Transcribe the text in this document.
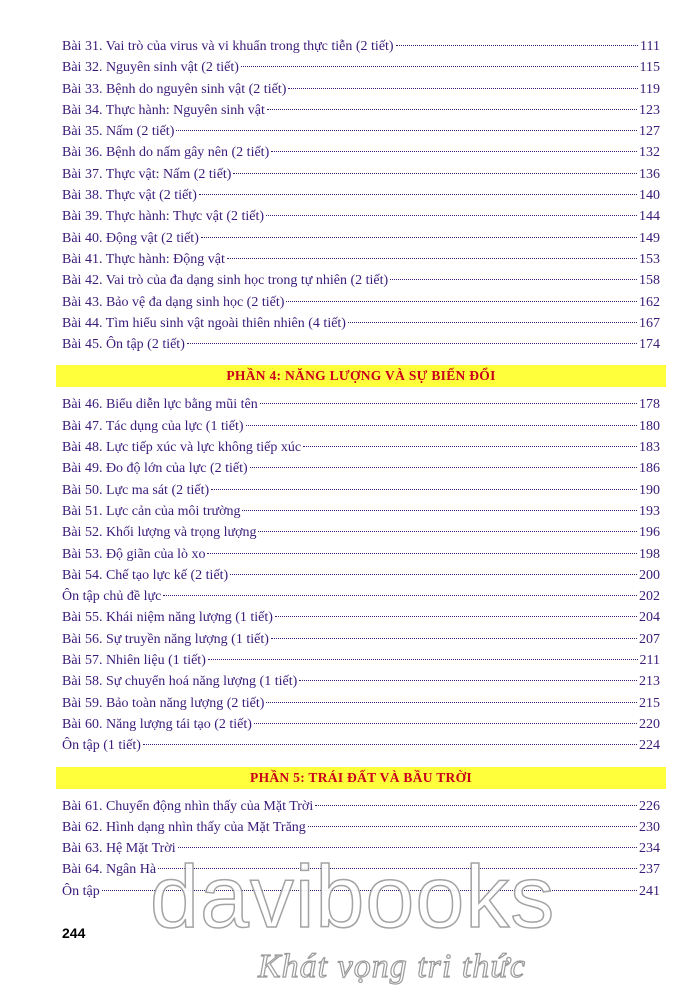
Bài 31. Vai trò của virus và vi khuẩn trong thực tiễn (2 tiết)	111
Bài 32. Nguyên sinh vật (2 tiết)	115
Bài 33. Bệnh do nguyên sinh vật (2 tiết)	119
Bài 34. Thực hành: Nguyên sinh vật	123
Bài 35. Nấm (2 tiết)	127
Bài 36. Bệnh do nấm gây nên (2 tiết)	132
Bài 37. Thực vật: Nấm (2 tiết)	136
Bài 38. Thực vật (2 tiết)	140
Bài 39. Thực hành: Thực vật (2 tiết)	144
Bài 40. Động vật (2 tiết)	149
Bài 41. Thực hành: Động vật	153
Bài 42. Vai trò của đa dạng sinh học trong tự nhiên (2 tiết)	158
Bài 43. Bảo vệ đa dạng sinh học (2 tiết)	162
Bài 44. Tìm hiểu sinh vật ngoài thiên nhiên (4 tiết)	167
Bài 45. Ôn tập (2 tiết)	174
PHẦN 4: NĂNG LƯỢNG VÀ SỰ BIẾN ĐỔI
Bài 46. Biểu diễn lực bằng mũi tên	178
Bài 47. Tác dụng của lực (1 tiết)	180
Bài 48. Lực tiếp xúc và lực không tiếp xúc	183
Bài 49. Đo độ lớn của lực (2 tiết)	186
Bài 50. Lực ma sát (2 tiết)	190
Bài 51. Lực cản của môi trường	193
Bài 52. Khối lượng và trọng lượng	196
Bài 53. Độ giãn của lò xo	198
Bài 54. Chế tạo lực kế (2 tiết)	200
Ôn tập chủ đề lực	202
Bài 55. Khái niệm năng lượng (1 tiết)	204
Bài 56. Sự truyền năng lượng (1 tiết)	207
Bài 57. Nhiên liệu (1 tiết)	211
Bài 58. Sự chuyển hoá năng lượng (1 tiết)	213
Bài 59. Bảo toàn năng lượng (2 tiết)	215
Bài 60. Năng lượng tái tạo (2 tiết)	220
Ôn tập (1 tiết)	224
PHẦN 5: TRÁI ĐẤT VÀ BẦU TRỜI
Bài 61. Chuyển động nhìn thấy của Mặt Trời	226
Bài 62. Hình dạng nhìn thấy của Mặt Trăng	230
Bài 63. Hệ Mặt Trời	234
Bài 64. Ngân Hà	237
Ôn tập	241
244 davibooks
Khát vọng tri thức
